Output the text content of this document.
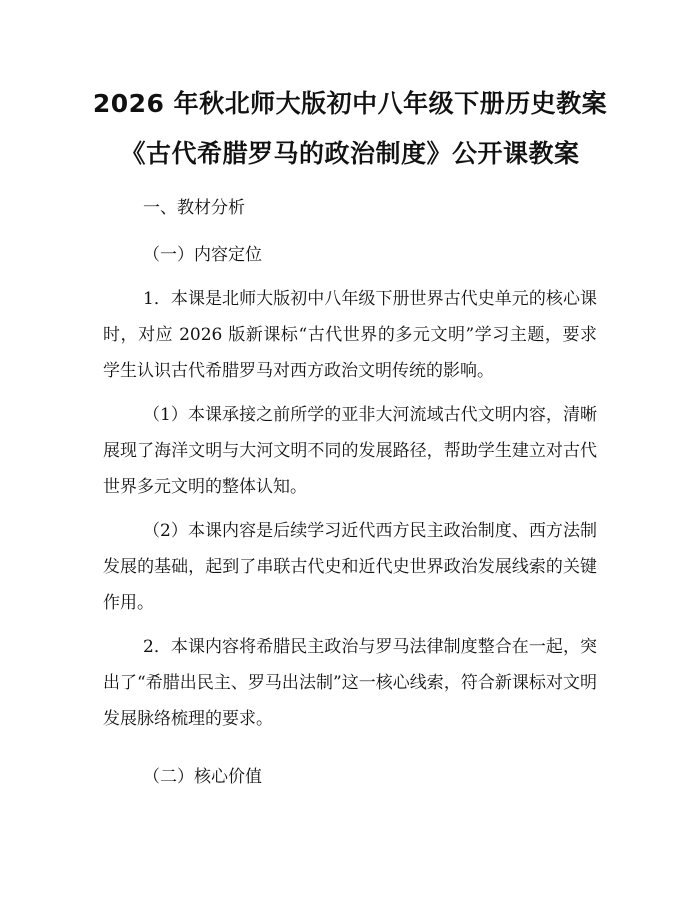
2026 年秋北师大版初中八年级下册历史教案
《古代希腊罗马的政治制度》公开课教案
一、教材分析
（一）内容定位

1．本课是北师大版初中八年级下册世界古代史单元的核心课时，对应 2026 版新课标“古代世界的多元文明”学习主题，要求学生认识古代希腊罗马对西方政治文明传统的影响。

（1）本课承接之前所学的亚非大河流域古代文明内容，清晰展现了海洋文明与大河文明不同的发展路径，帮助学生建立对古代世界多元文明的整体认知。

（2）本课内容是后续学习近代西方民主政治制度、西方法制发展的基础，起到了串联古代史和近代史世界政治发展线索的关键作用。

2．本课内容将希腊民主政治与罗马法律制度整合在一起，突出了“希腊出民主、罗马出法制”这一核心线索，符合新课标对文明发展脉络梳理的要求。

（二）核心价值
